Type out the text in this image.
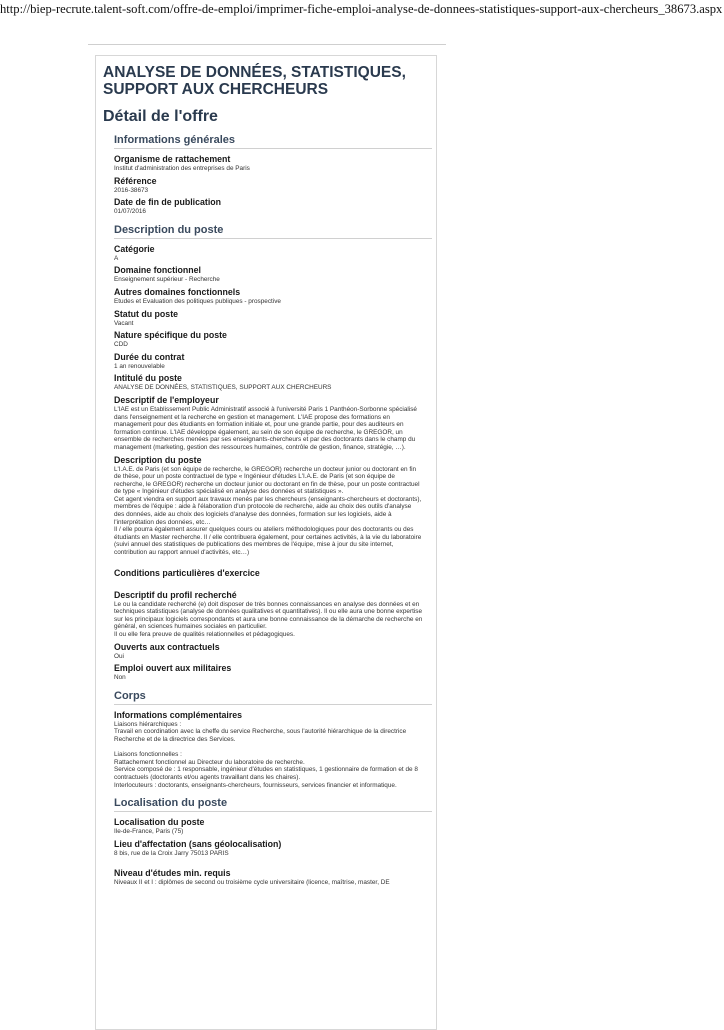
http://biep-recrute.talent-soft.com/offre-de-emploi/imprimer-fiche-emploi-analyse-de-donnees-statistiques-support-aux-chercheurs_38673.aspx
ANALYSE DE DONNÉES, STATISTIQUES, SUPPORT AUX CHERCHEURS
Détail de l'offre
Informations générales
Organisme de rattachement
Institut d'administration des entreprises de Paris
Référence
2016-38673
Date de fin de publication
01/07/2016
Description du poste
Catégorie
A
Domaine fonctionnel
Enseignement supérieur - Recherche
Autres domaines fonctionnels
Etudes et Evaluation des politiques publiques - prospective
Statut du poste
Vacant
Nature spécifique du poste
CDD
Durée du contrat
1 an renouvelable
Intitulé du poste
ANALYSE DE DONNÉES, STATISTIQUES, SUPPORT AUX CHERCHEURS
Descriptif de l'employeur
L'IAE est un Etablissement Public Administratif associé à l'université Paris 1 Panthéon-Sorbonne spécialisé
dans l'enseignement et la recherche en gestion et management. L'IAE propose des formations en
management pour des étudiants en formation initiale et, pour une grande partie, pour des auditeurs en
formation continue. L'IAE développe également, au sein de son équipe de recherche, le GREGOR, un
ensemble de recherches menées par ses enseignants-chercheurs et par des doctorants dans le champ du
management (marketing, gestion des ressources humaines, contrôle de gestion, finance, stratégie, …).
Description du poste
L'I.A.E. de Paris (et son équipe de recherche, le GREGOR) recherche un docteur junior ou doctorant en fin
de thèse, pour un poste contractuel de type « Ingénieur d'études L'I.A.E. de Paris (et son équipe de
recherche, le GREGOR) recherche un docteur junior ou doctorant en fin de thèse, pour un poste contractuel
de type « Ingénieur d'études spécialisé en analyse des données et statistiques ».
Cet agent viendra en support aux travaux menés par les chercheurs (enseignants-chercheurs et doctorants),
membres de l'équipe : aide à l'élaboration d'un protocole de recherche, aide au choix des outils d'analyse
des données, aide au choix des logiciels d'analyse des données, formation sur les logiciels, aide à
l'interprétation des données, etc…
Il / elle pourra également assurer quelques cours ou ateliers méthodologiques pour des doctorants ou des
étudiants en Master recherche. Il / elle contribuera également, pour certaines activités, à la vie du laboratoire
(suivi annuel des statistiques de publications des membres de l'équipe, mise à jour du site internet,
contribution au rapport annuel d'activités, etc…)
Conditions particulières d'exercice
Descriptif du profil recherché
Le ou la candidate recherché (e) doit disposer de très bonnes connaissances en analyse des données et en
techniques statistiques (analyse de données qualitatives et quantitatives). Il ou elle aura une bonne expertise
sur les principaux logiciels correspondants et aura une bonne connaissance de la démarche de recherche en
général, en sciences humaines sociales en particulier.
Il ou elle fera preuve de qualités relationnelles et pédagogiques.
Ouverts aux contractuels
Oui
Emploi ouvert aux militaires
Non
Corps
Informations complémentaires
Liaisons hiérarchiques :
Travail en coordination avec la cheffe du service Recherche, sous l'autorité hiérarchique de la directrice
Recherche et de la directrice des Services.

Liaisons fonctionnelles :
Rattachement fonctionnel au Directeur du laboratoire de recherche.
Service composé de : 1 responsable, ingénieur d'études en statistiques, 1 gestionnaire de formation et de 8
contractuels (doctorants et/ou agents travaillant dans les chaires).
Interlocuteurs : doctorants, enseignants-chercheurs, fournisseurs, services financier et informatique.
Localisation du poste
Localisation du poste
Ile-de-France, Paris (75)
Lieu d'affectation (sans géolocalisation)
8 bis, rue de la Croix Jarry 75013 PARIS
Niveau d'études min. requis
Niveaux II et I : diplômes de second ou troisième cycle universitaire (licence, maîtrise, master, DE
